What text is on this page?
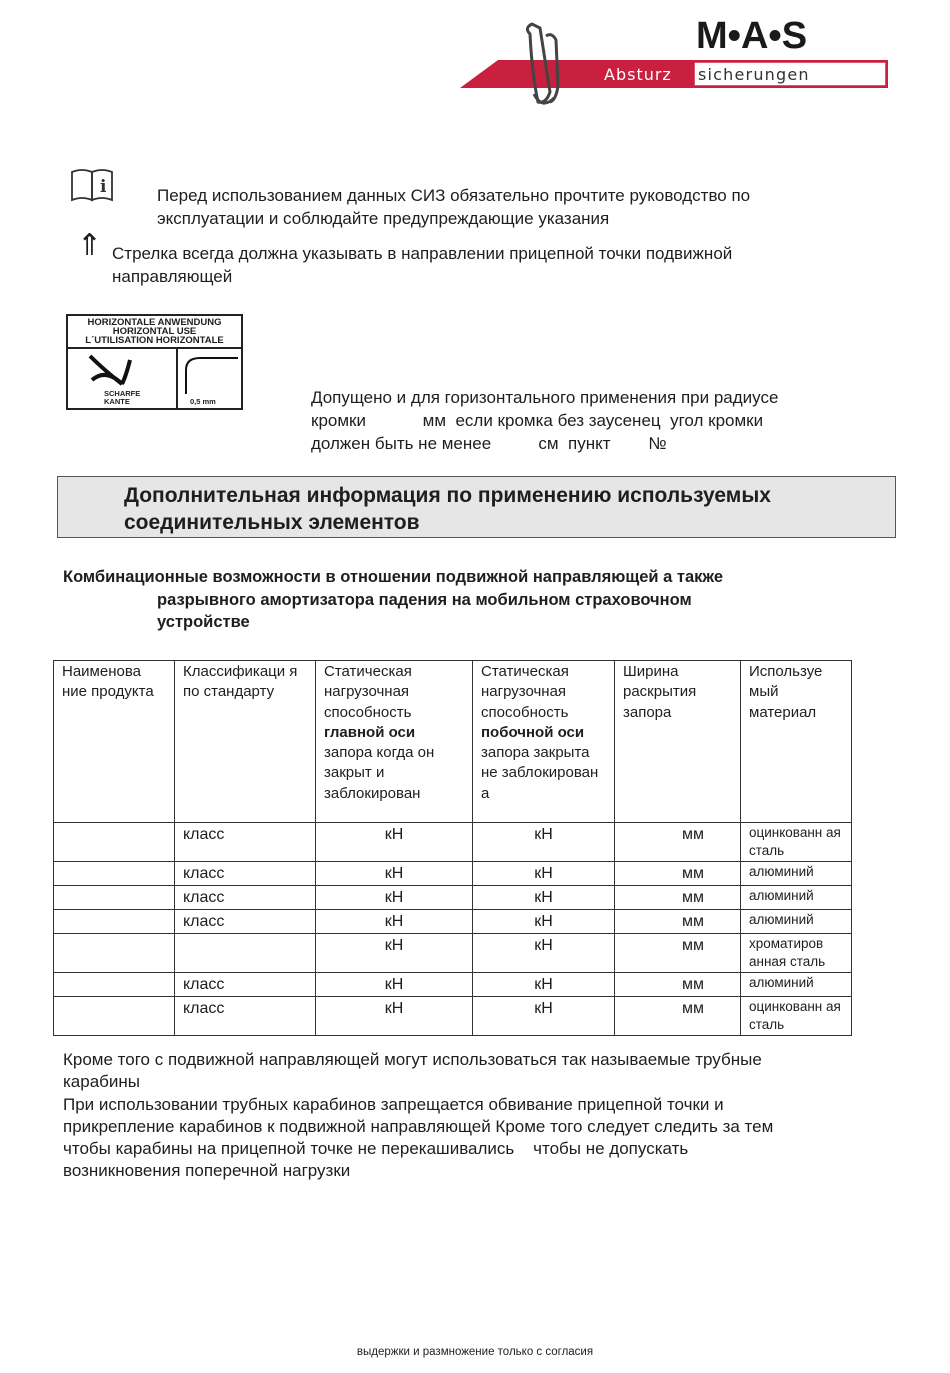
M•A•S
Absturz sicherungen
i	Перед использованием данных СИЗ обязательно прочтите руководство по эксплуатации и соблюдайте предупреждающие указания
⇑ Стрелка всегда должна указывать в направлении прицепной точки подвижной направляющей
HORIZONTALE ANWENDUNG
HORIZONTAL USE
L´UTILISATION HORIZONTALE
SCHARFE
KANTE	0,5 mm	Допущено и для горизонтального применения при радиусе
кромки            мм  если кромка без заусенец  угол кромки
должен быть не менее          см  пункт        №
Дополнительная информация по применению используемых соединительных элементов
Комбинационные возможности в отношении подвижной направляющей а также
разрывного амортизатора падения на мобильном страховочном
устройстве
Наименова ние продукта	Классификаци я по стандарту	Статическая нагрузочная способность главной оси запора когда он закрыт и заблокирован	Статическая нагрузочная способность побочной оси запора закрыта не заблокирован а	Ширина раскрытия запора	Используе мый материал
	класс	кН	кН	мм	оцинкованн ая сталь
	класс	кН	кН	мм	алюминий
	класс	кН	кН	мм	алюминий
	класс	кН	кН	мм	алюминий
		кН	кН	мм	хроматиров анная сталь
	класс	кН	кН	мм	алюминий
	класс	кН	кН	мм	оцинкованн ая сталь
Кроме того с подвижной направляющей могут использоваться так называемые трубные
карабины
При использовании трубных карабинов запрещается обвивание прицепной точки и
прикрепление карабинов к подвижной направляющей Кроме того следует следить за тем
чтобы карабины на прицепной точке не перекашивались    чтобы не допускать
возникновения поперечной нагрузки
выдержки и размножение только с согласия
